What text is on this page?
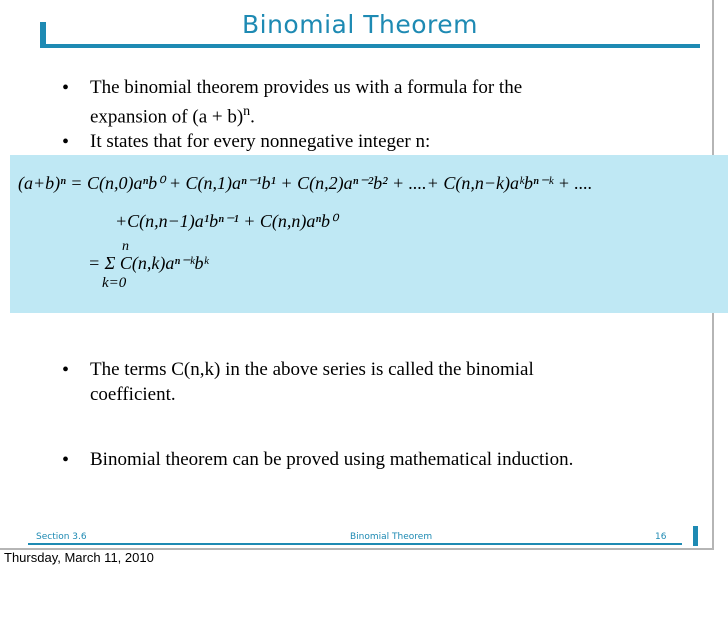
Binomial Theorem
• The binomial theorem provides us with a formula for the
expansion of $(a + b)^n$.
• It states that for every nonnegative integer n:
(a+b)ⁿ = C(n,0)aⁿb⁰ + C(n,1)aⁿ⁻¹b¹ + C(n,2)aⁿ⁻²b² + ....+ C(n,n−k)aᵏbⁿ⁻ᵏ + ....
+C(n,n−1)a¹bⁿ⁻¹ + C(n,n)aⁿb⁰
n
= Σ C(n,k)aⁿ⁻ᵏbᵏ
k=0
• The terms C(n,k) in the above series is called the binomial
coefficient.
• Binomial theorem can be proved using mathematical induction.
Section 3.6	Binomial Theorem	16
Thursday, March 11, 2010
